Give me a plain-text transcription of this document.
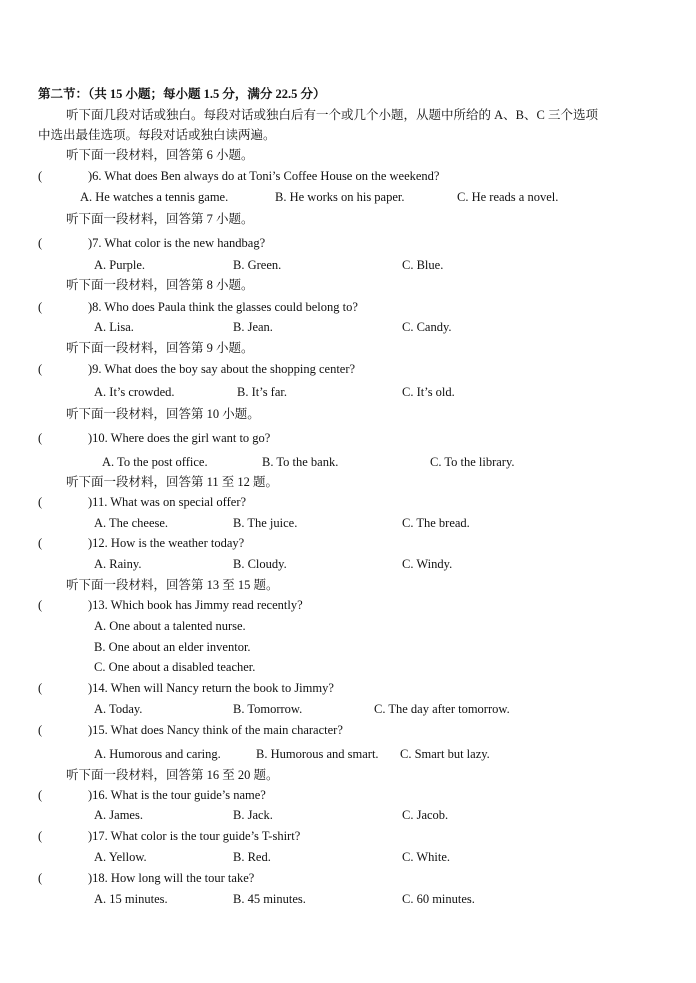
第二节：（共 15 小题；每小题 1.5 分，满分 22.5 分）
听下面几段对话或独白。每段对话或独白后有一个或几个小题，从题中所给的 A、B、C 三个选项
中选出最佳选项。每段对话或独白读两遍。
听下面一段材料，回答第 6 小题。
(	)6. What does Ben always do at Toni’s Coffee House on the weekend?
A. He watches a tennis game.	B. He works on his paper.	C. He reads a novel.
听下面一段材料，回答第 7 小题。
(	)7. What color is the new handbag?
A. Purple.	B. Green.	C. Blue.
听下面一段材料，回答第 8 小题。
(	)8. Who does Paula think the glasses could belong to?
A. Lisa.	B. Jean.	C. Candy.
听下面一段材料，回答第 9 小题。
(	)9. What does the boy say about the shopping center?
A. It’s crowded.	B. It’s far.	C. It’s old.
听下面一段材料，回答第 10 小题。
(	)10. Where does the girl want to go?
A. To the post office.	B. To the bank.	C. To the library.
听下面一段材料，回答第 11 至 12 题。
(	)11. What was on special offer?
A. The cheese.	B. The juice.	C. The bread.
(	)12. How is the weather today?
A. Rainy.	B. Cloudy.	C. Windy.
听下面一段材料，回答第 13 至 15 题。
(	)13. Which book has Jimmy read recently?
A. One about a talented nurse.
B. One about an elder inventor.
C. One about a disabled teacher.
(	)14. When will Nancy return the book to Jimmy?
A. Today.	B. Tomorrow.	C. The day after tomorrow.
(	)15. What does Nancy think of the main character?
A. Humorous and caring.	B. Humorous and smart. C. Smart but lazy.
听下面一段材料，回答第 16 至 20 题。
(	)16. What is the tour guide’s name?
A. James.	B. Jack.	C. Jacob.
(	)17. What color is the tour guide’s T-shirt?
A. Yellow.	B. Red.	C. White.
(	)18. How long will the tour take?
A. 15 minutes.	B. 45 minutes.	C. 60 minutes.
